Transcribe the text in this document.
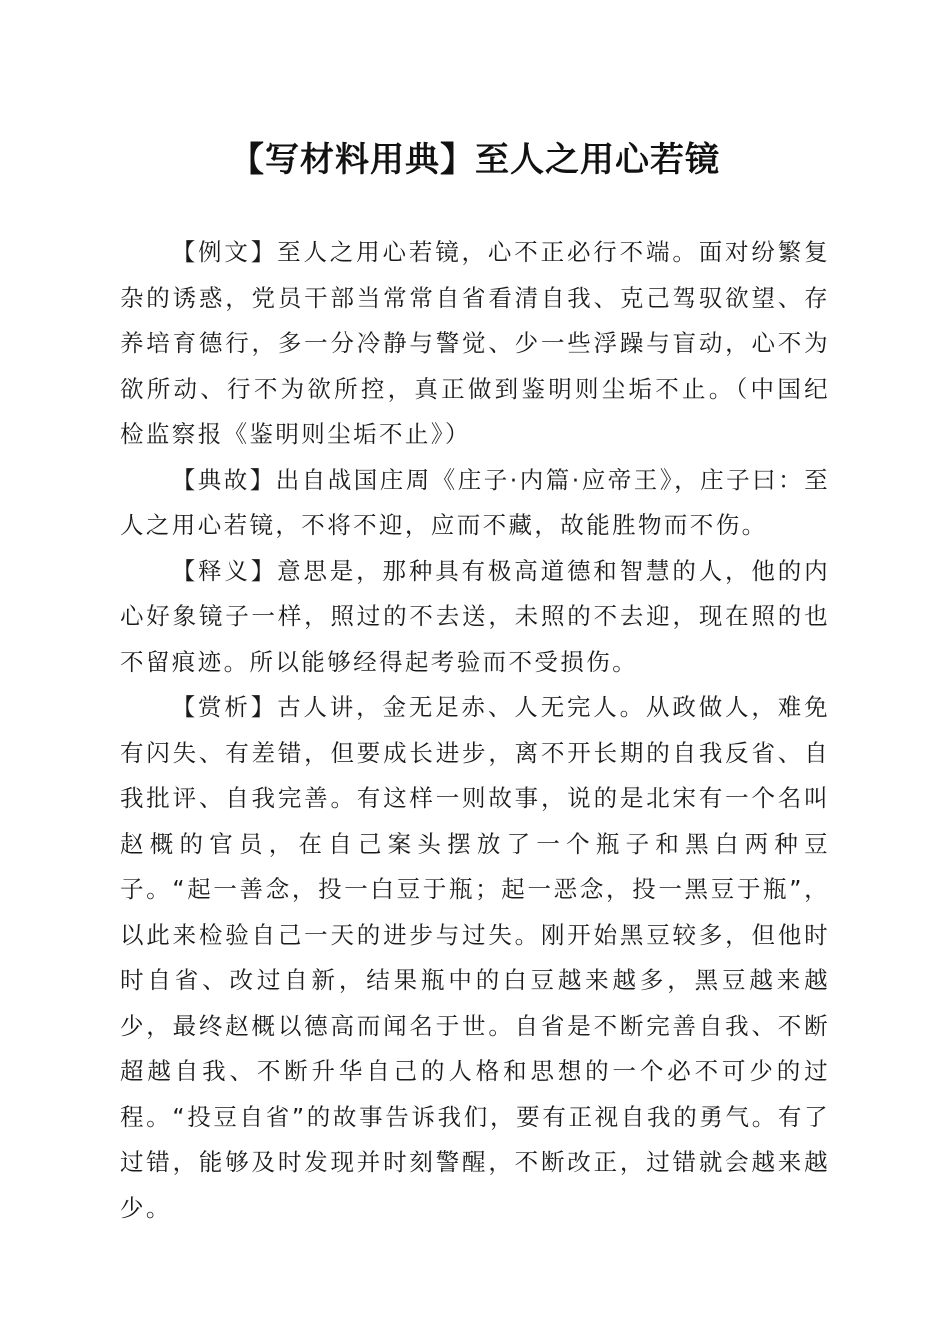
【写材料用典】至人之用心若镜

【例文】至人之用心若镜，心不正必行不端。面对纷繁复杂的诱惑，党员干部当常常自省看清自我、克己驾驭欲望、存养培育德行，多一分冷静与警觉、少一些浮躁与盲动，心不为欲所动、行不为欲所控，真正做到鉴明则尘垢不止。（中国纪检监察报《鉴明则尘垢不止》）

【典故】出自战国庄周《庄子·内篇·应帝王》，庄子曰：至人之用心若镜，不将不迎，应而不藏，故能胜物而不伤。

【释义】意思是，那种具有极高道德和智慧的人，他的内心好象镜子一样，照过的不去送，未照的不去迎，现在照的也不留痕迹。所以能够经得起考验而不受损伤。

【赏析】古人讲，金无足赤、人无完人。从政做人，难免有闪失、有差错，但要成长进步，离不开长期的自我反省、自我批评、自我完善。有这样一则故事，说的是北宋有一个名叫赵概的官员，在自己案头摆放了一个瓶子和黑白两种豆子。“起一善念，投一白豆于瓶；起一恶念，投一黑豆于瓶”，以此来检验自己一天的进步与过失。刚开始黑豆较多，但他时时自省、改过自新，结果瓶中的白豆越来越多，黑豆越来越少，最终赵概以德高而闻名于世。自省是不断完善自我、不断超越自我、不断升华自己的人格和思想的一个必不可少的过程。“投豆自省”的故事告诉我们，要有正视自我的勇气。有了过错，能够及时发现并时刻警醒，不断改正，过错就会越来越少。
